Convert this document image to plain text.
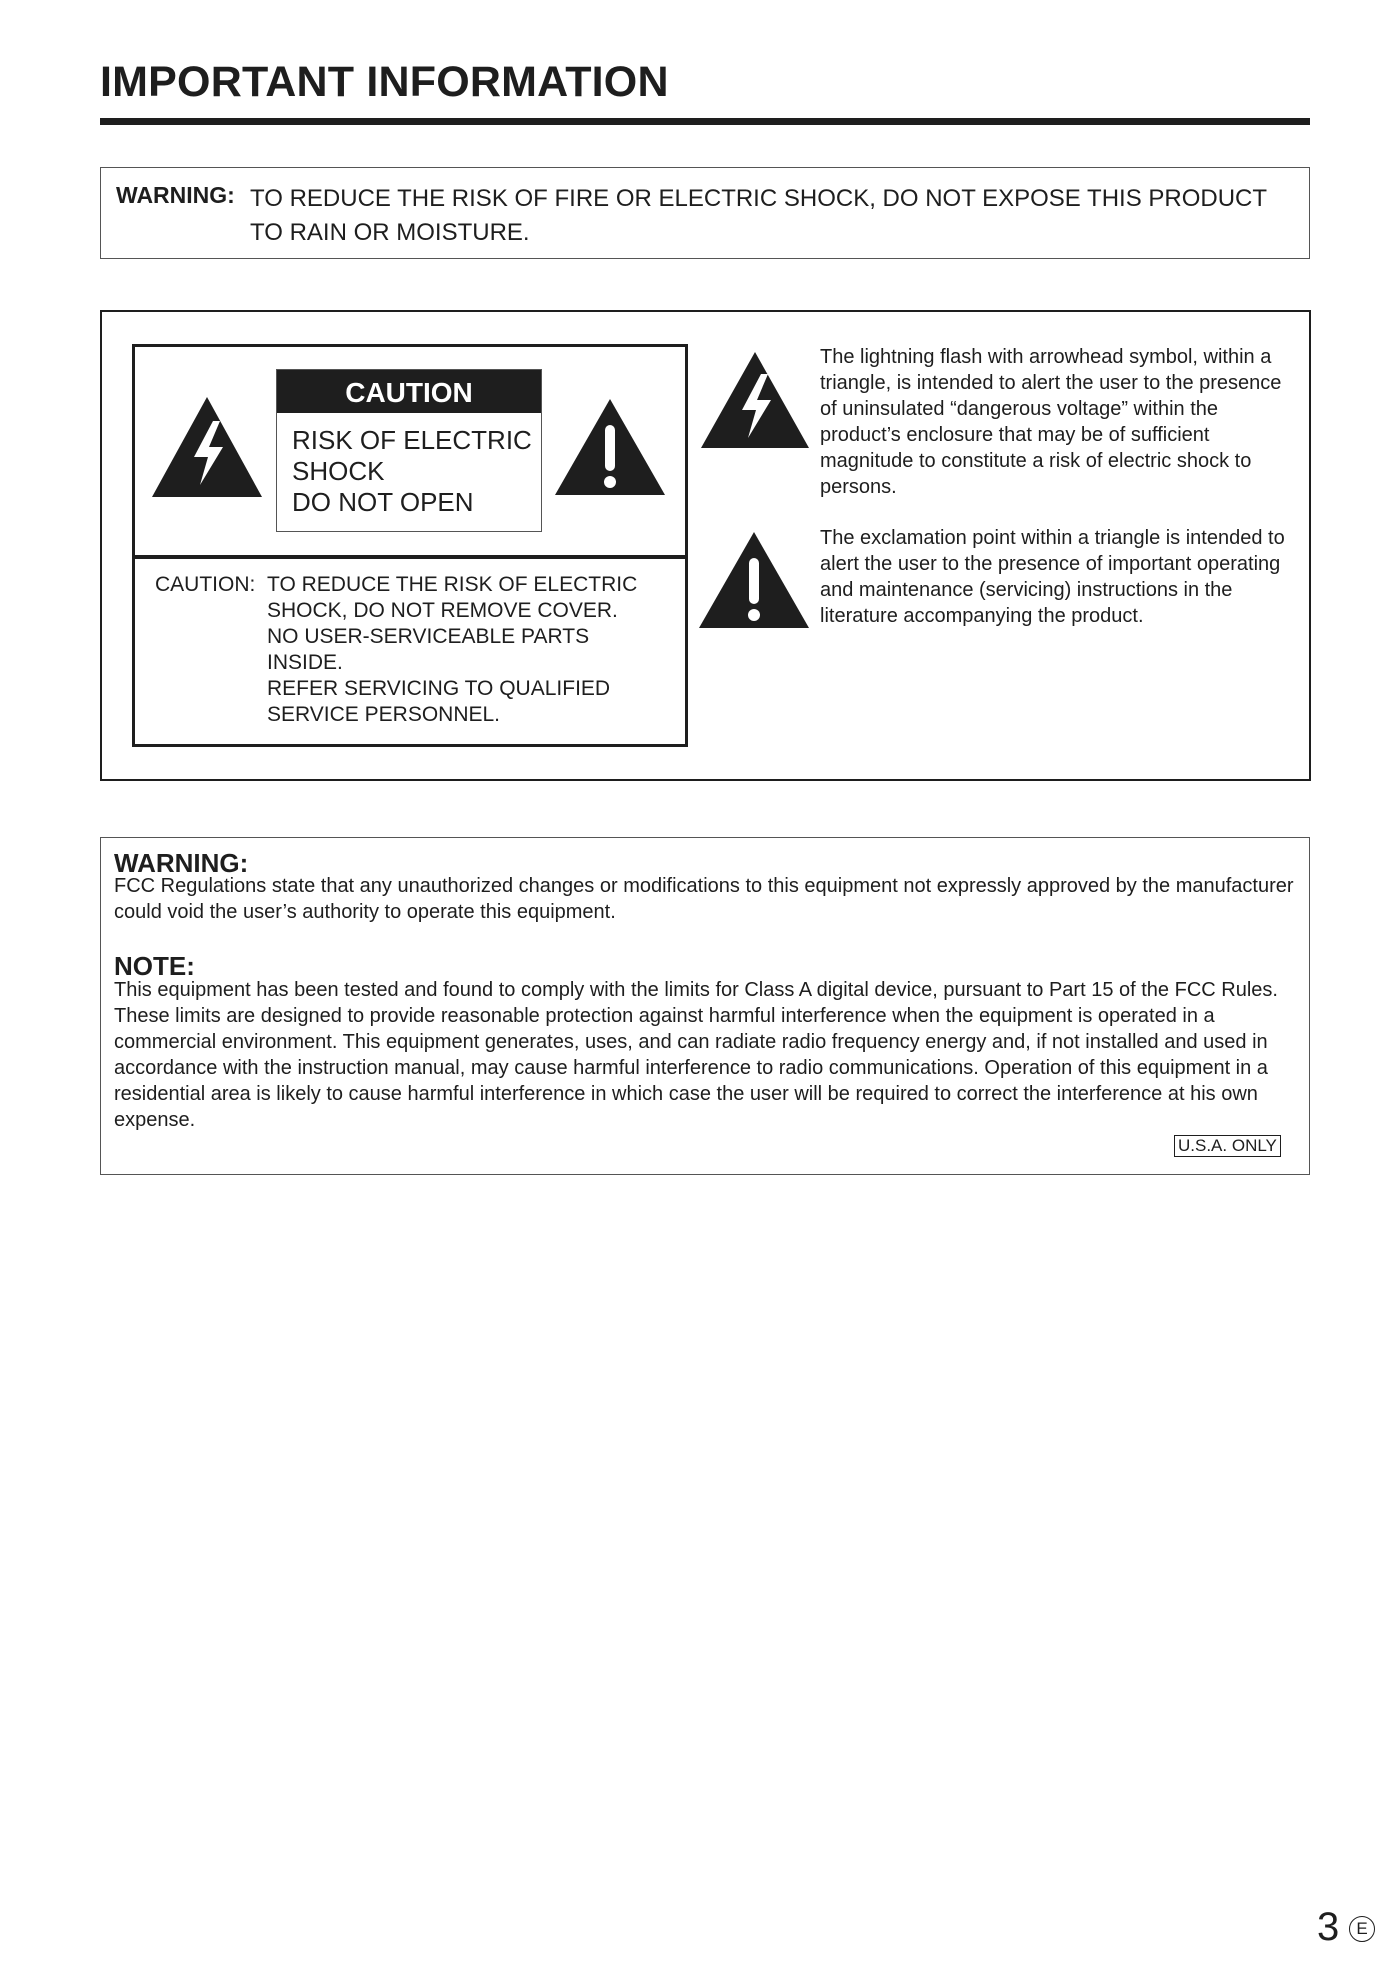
IMPORTANT INFORMATION
WARNING: TO REDUCE THE RISK OF FIRE OR ELECTRIC SHOCK, DO NOT EXPOSE THIS PRODUCT
TO RAIN OR MOISTURE.
CAUTION
RISK OF ELECTRIC
SHOCK
DO NOT OPEN
CAUTION: TO REDUCE THE RISK OF ELECTRIC
SHOCK, DO NOT REMOVE COVER.
NO USER-SERVICEABLE PARTS
INSIDE.
REFER SERVICING TO QUALIFIED
SERVICE PERSONNEL.
The lightning flash with arrowhead symbol, within a triangle, is intended to alert the user to the presence of uninsulated “dangerous voltage” within the product’s enclosure that may be of sufficient magnitude to constitute a risk of electric shock to persons.
The exclamation point within a triangle is intended to alert the user to the presence of important operating and maintenance (servicing) instructions in the literature accompanying the product.
WARNING:
FCC Regulations state that any unauthorized changes or modifications to this equipment not expressly approved by the manufacturer could void the user’s authority to operate this equipment.
NOTE:
This equipment has been tested and found to comply with the limits for Class A digital device, pursuant to Part 15 of the FCC Rules. These limits are designed to provide reasonable protection against harmful interference when the equipment is operated in a commercial environment. This equipment generates, uses, and can radiate radio frequency energy and, if not installed and used in accordance with the instruction manual, may cause harmful interference to radio communications. Operation of this equipment in a residential area is likely to cause harmful interference in which case the user will be required to correct the interference at his own expense.
U.S.A. ONLY
3	E
